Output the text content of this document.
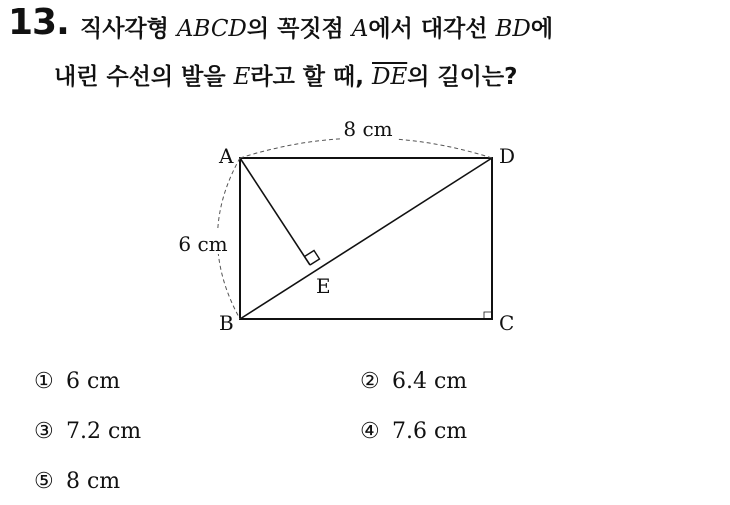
13. 직사각형 ABCD의 꼭짓점 A에서 대각선 BD에
내린 수선의 발을 E라고 할 때, $\overline{DE}$의 길이는?
8 cm
6 cm
A	D
B	C
E
① 6 cm	② 6.4 cm
③ 7.2 cm	④ 7.6 cm
⑤ 8 cm
